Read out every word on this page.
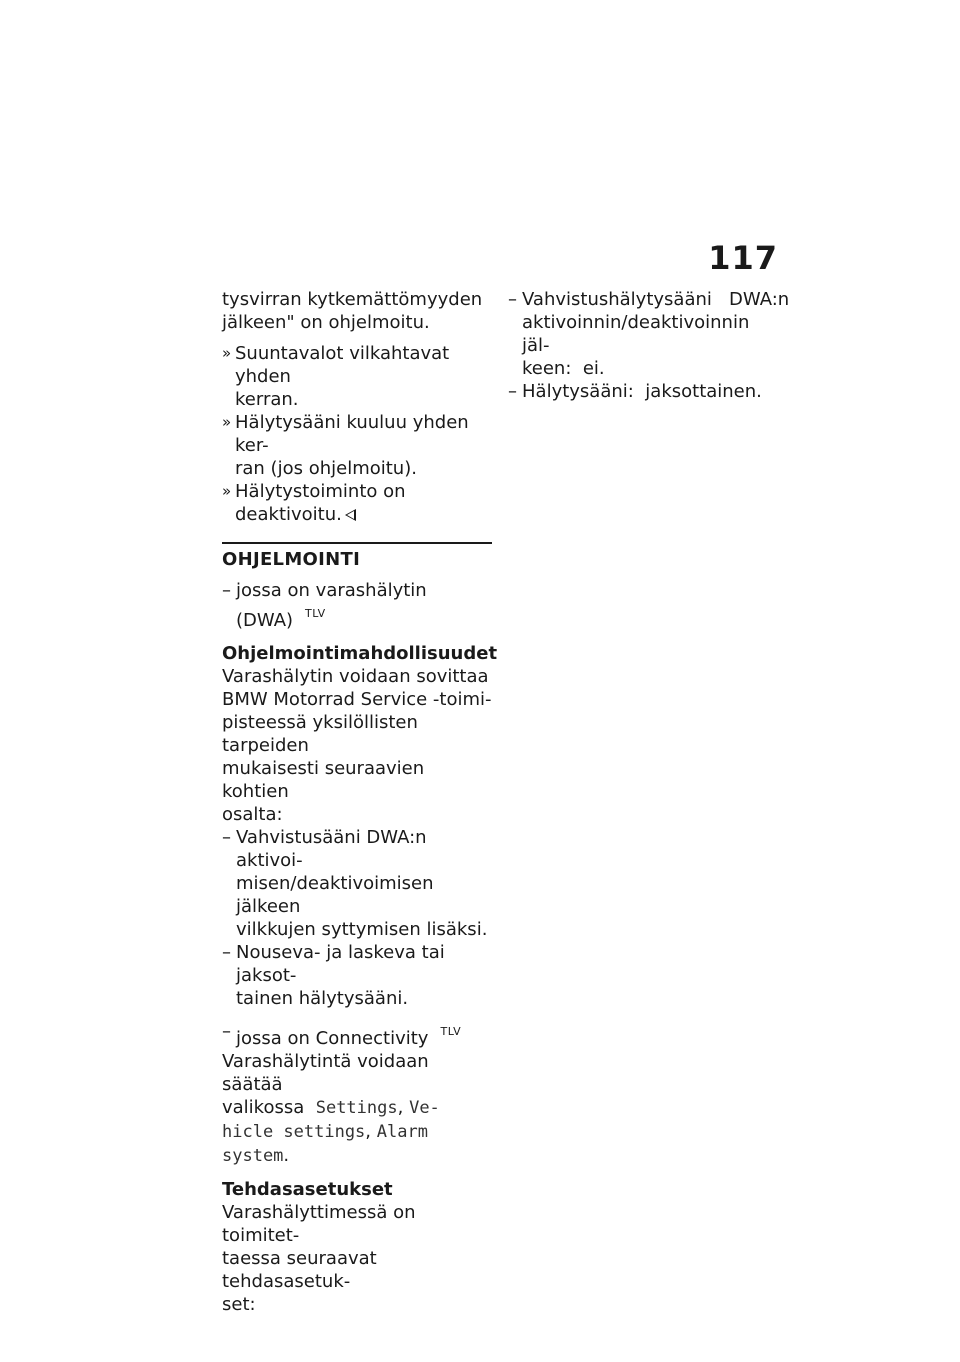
117
tysvirran kytkemättömyyden
jälkeen" on ohjelmoitu.
» Suuntavalot vilkahtavat yhden
kerran.
» Hälytysääni kuuluu yhden ker-
ran (jos ohjelmoitu).
» Hälytystoiminto on
deaktivoitu.
OHJELMOINTI
– jossa on varashälytin
(DWA) $^{TLV}$
Ohjelmointimahdollisuudet
Varashälytin voidaan sovittaa
BMW Motorrad Service -toimi-
pisteessä yksilöllisten tarpeiden
mukaisesti seuraavien kohtien
osalta:
– Vahvistusääni DWA:n aktivoi-
misen/deaktivoimisen jälkeen
vilkkujen syttymisen lisäksi.
– Nouseva- ja laskeva tai jaksot-
tainen hälytysääni.
– jossa on Connectivity $^{TLV}$
Varashälytintä voidaan säätää
valikossa Settings, Ve-
hicle settings, Alarm
system.
Tehdasasetukset
Varashälyttimessä on toimitet-
taessa seuraavat tehdasasetuk-
set:
– Vahvistushälytysääni   DWA:n
aktivoinnin/deaktivoinnin jäl-
keen:  ei.
– Hälytysääni:  jaksottainen.
